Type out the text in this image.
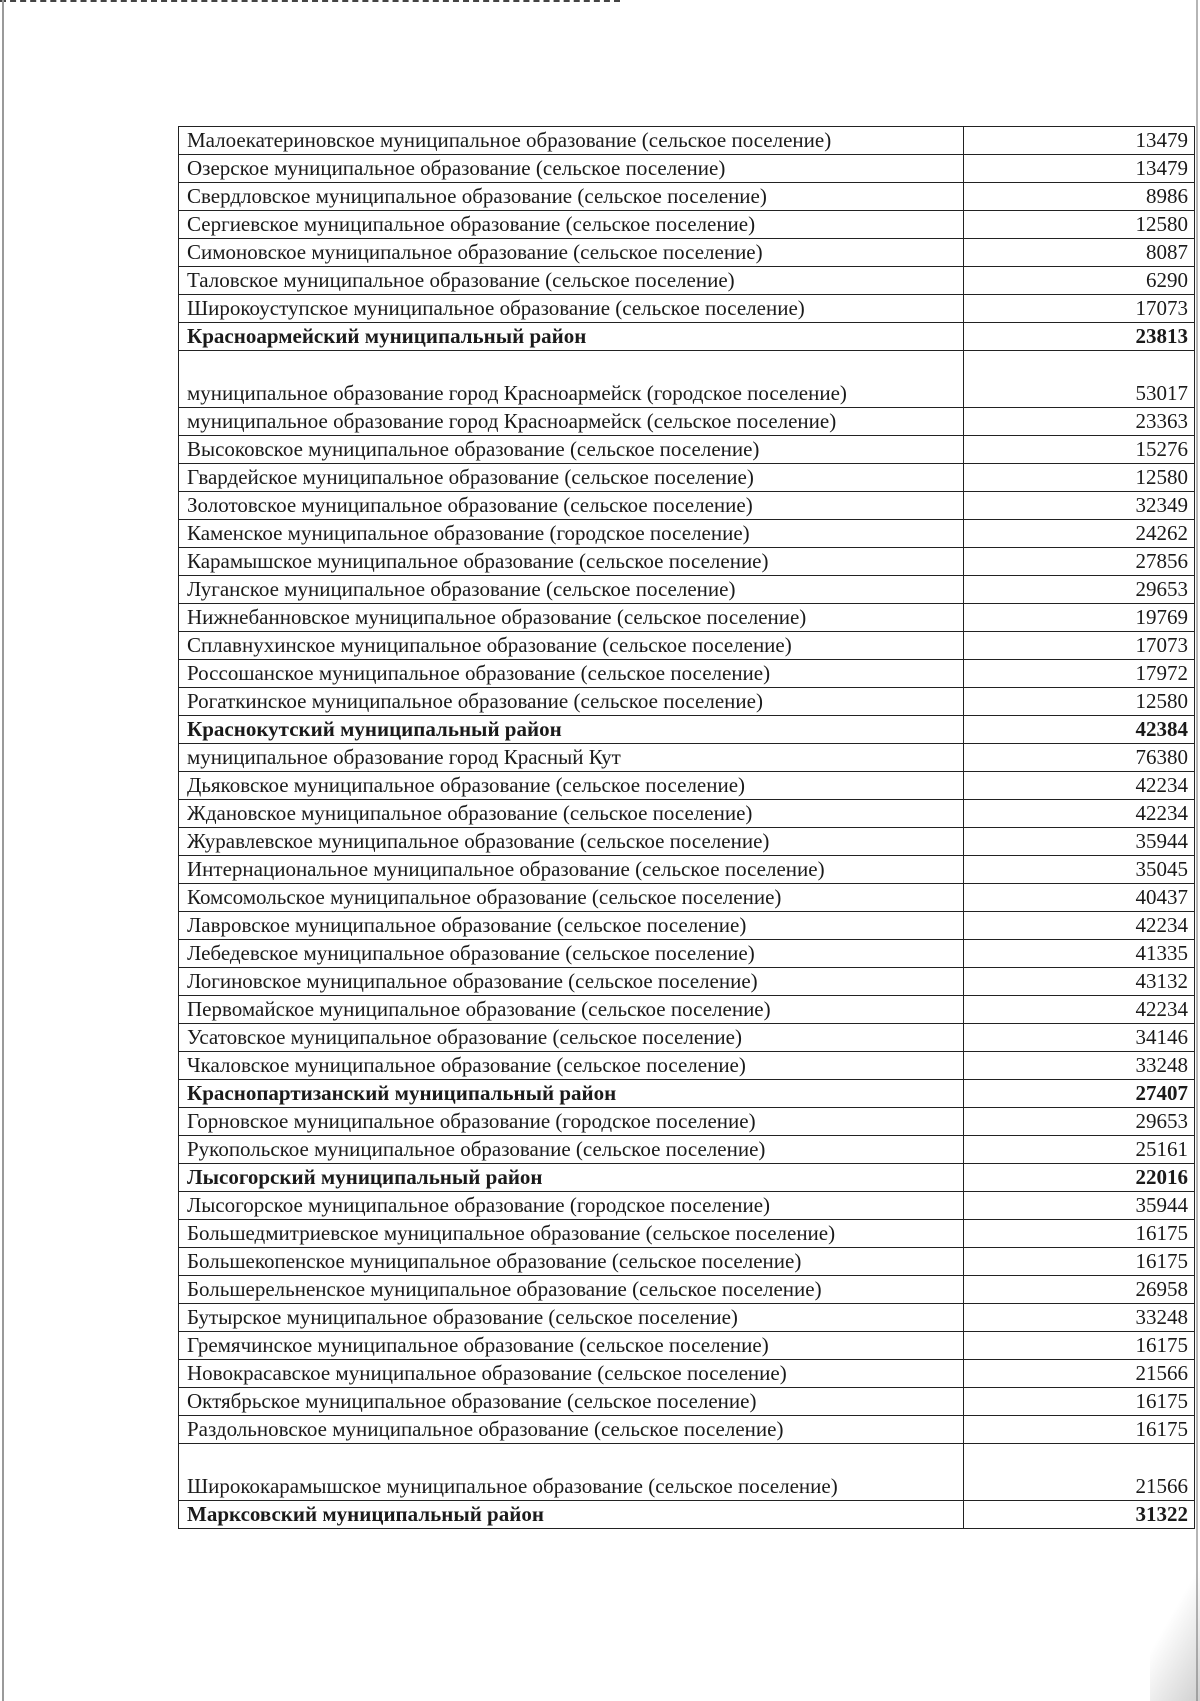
Малоекатериновское муниципальное образование (сельское поселение)	13479
Озерское муниципальное образование (сельское поселение)	13479
Свердловское муниципальное образование (сельское поселение)	8986
Сергиевское муниципальное образование (сельское поселение)	12580
Симоновское муниципальное образование (сельское поселение)	8087
Таловское муниципальное образование (сельское поселение)	6290
Широкоуступское муниципальное образование (сельское поселение)	17073
Красноармейский муниципальный район	23813
муниципальное образование город Красноармейск (городское поселение)	53017
муниципальное образование город Красноармейск (сельское поселение)	23363
Высоковское муниципальное образование (сельское поселение)	15276
Гвардейское муниципальное образование (сельское поселение)	12580
Золотовское муниципальное образование (сельское поселение)	32349
Каменское муниципальное образование (городское поселение)	24262
Карамышское муниципальное образование (сельское поселение)	27856
Луганское муниципальное образование (сельское поселение)	29653
Нижнебанновское муниципальное образование (сельское поселение)	19769
Сплавнухинское муниципальное образование (сельское поселение)	17073
Россошанское муниципальное образование (сельское поселение)	17972
Рогаткинское муниципальное образование (сельское поселение)	12580
Краснокутский муниципальный район	42384
муниципальное образование город Красный Кут	76380
Дьяковское муниципальное образование (сельское поселение)	42234
Ждановское муниципальное образование (сельское поселение)	42234
Журавлевское муниципальное образование (сельское поселение)	35944
Интернациональное муниципальное образование (сельское поселение)	35045
Комсомольское муниципальное образование (сельское поселение)	40437
Лавровское муниципальное образование (сельское поселение)	42234
Лебедевское муниципальное образование (сельское поселение)	41335
Логиновское муниципальное образование (сельское поселение)	43132
Первомайское муниципальное образование (сельское поселение)	42234
Усатовское муниципальное образование (сельское поселение)	34146
Чкаловское муниципальное образование (сельское поселение)	33248
Краснопартизанский муниципальный район	27407
Горновское муниципальное образование (городское поселение)	29653
Рукопольское муниципальное образование (сельское поселение)	25161
Лысогорский муниципальный район	22016
Лысогорское муниципальное образование (городское поселение)	35944
Большедмитриевское муниципальное образование (сельское поселение)	16175
Большекопенское муниципальное образование (сельское поселение)	16175
Большерельненское муниципальное образование (сельское поселение)	26958
Бутырское муниципальное образование (сельское поселение)	33248
Гремячинское муниципальное образование (сельское поселение)	16175
Новокрасавское муниципальное образование (сельское поселение)	21566
Октябрьское муниципальное образование (сельское поселение)	16175
Раздольновское муниципальное образование (сельское поселение)	16175
Ширококарамышское муниципальное образование (сельское поселение)	21566
Марксовский муниципальный район	31322
